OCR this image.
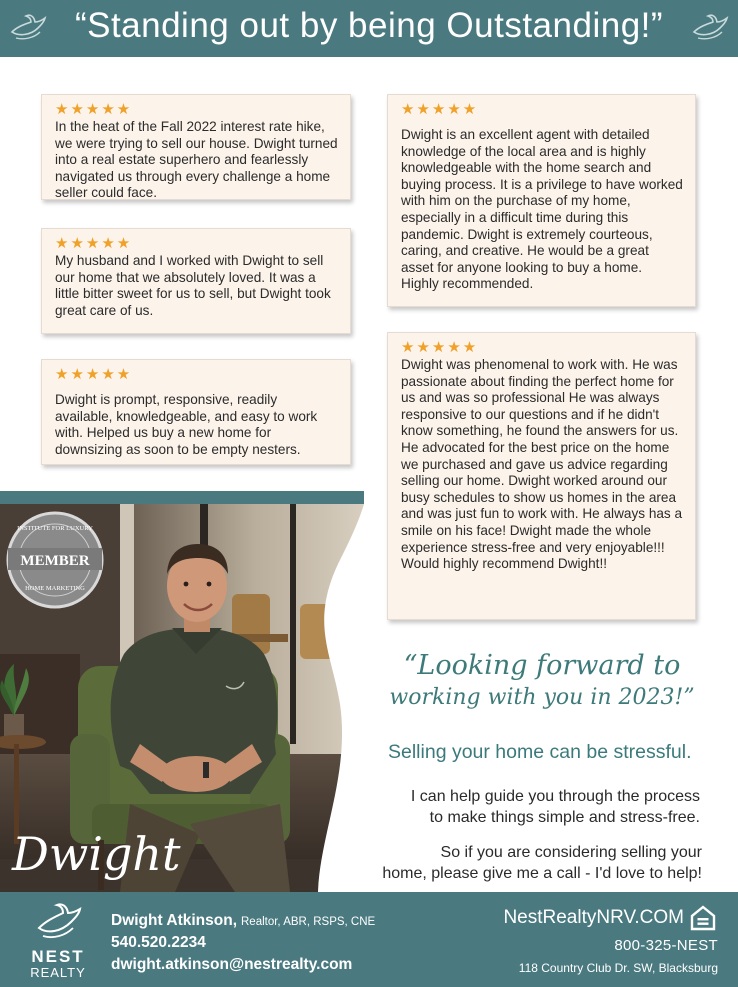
“Standing out by being Outstanding!”
★★★★★
In the heat of the Fall 2022 interest rate hike, we were trying to sell our house. Dwight turned into a real estate superhero and fearlessly navigated us through every challenge a home seller could face.
★★★★★
My husband and I worked with Dwight to sell our home that we absolutely loved. It was a little bitter sweet for us to sell, but Dwight took great care of us.
★★★★★
Dwight is prompt, responsive, readily available, knowledgeable, and easy to work with. Helped us buy a new home for downsizing as soon to be empty nesters.
★★★★★
Dwight is an excellent agent with detailed knowledge of the local area and is highly knowledgeable with the home search and buying process. It is a privilege to have worked with him on the purchase of my home, especially in a difficult time during this pandemic. Dwight is extremely courteous, caring, and creative. He would be a great asset for anyone looking to buy a home. Highly recommended.
★★★★★
Dwight was phenomenal to work with. He was passionate about finding the perfect home for us and was so professional He was always responsive to our questions and if he didn't know something, he found the answers for us. He advocated for the best price on the home we purchased and gave us advice regarding selling our home. Dwight worked around our busy schedules to show us homes in the area and was just fun to work with. He always has a smile on his face! Dwight made the whole experience stress-free and very enjoyable!!! Would highly recommend Dwight!!
MEMBER
INSTITUTE FOR LUXURY
HOME MARKETING
Dwight
“Looking forward to
working with you in 2023!”
Selling your home can be stressful.
I can help guide you through the process
to make things simple and stress-free.
So if you are considering selling your
home, please give me a call - I'd love to help!
NEST
REALTY
Dwight Atkinson, Realtor, ABR, RSPS, CNE
540.520.2234
dwight.atkinson@nestrealty.com
NestRealtyNRV.COM
800-325-NEST
118 Country Club Dr. SW, Blacksburg
